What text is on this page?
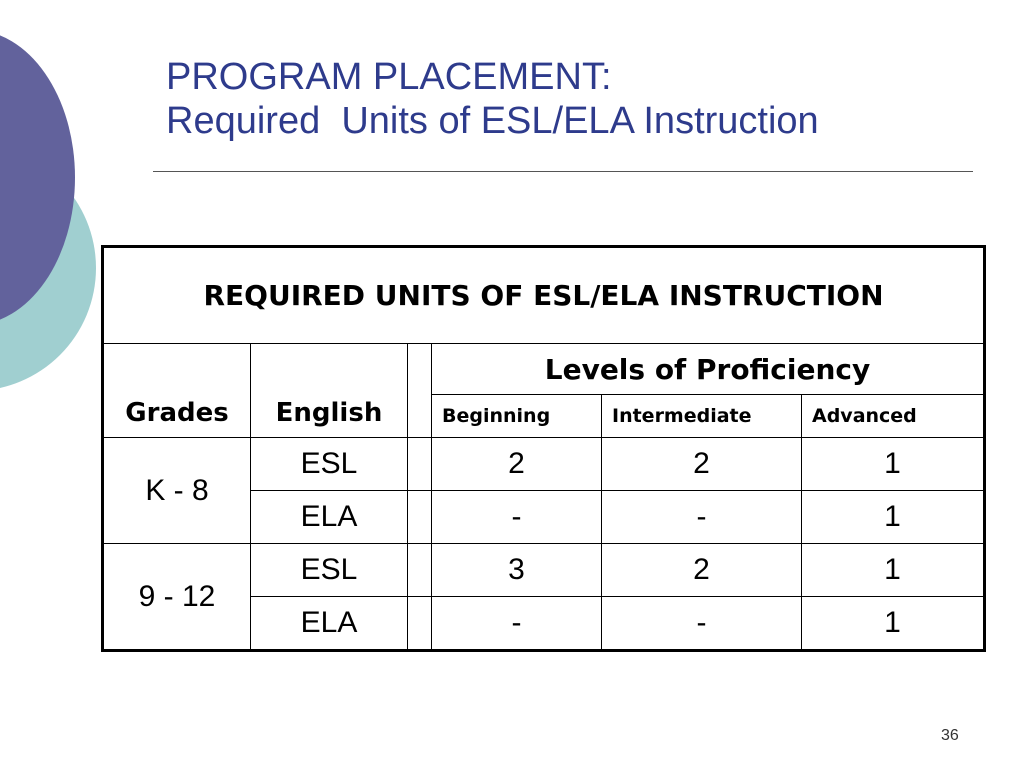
PROGRAM PLACEMENT:
Required  Units of ESL/ELA Instruction
REQUIRED UNITS OF ESL/ELA INSTRUCTION					
Grades	English		Levels of Proficiency		
			Beginning	Intermediate	Advanced
K - 8	ESL		2	2	1
	ELA		-	-	1
9 - 12	ESL		3	2	1
	ELA		-	-	1
36
